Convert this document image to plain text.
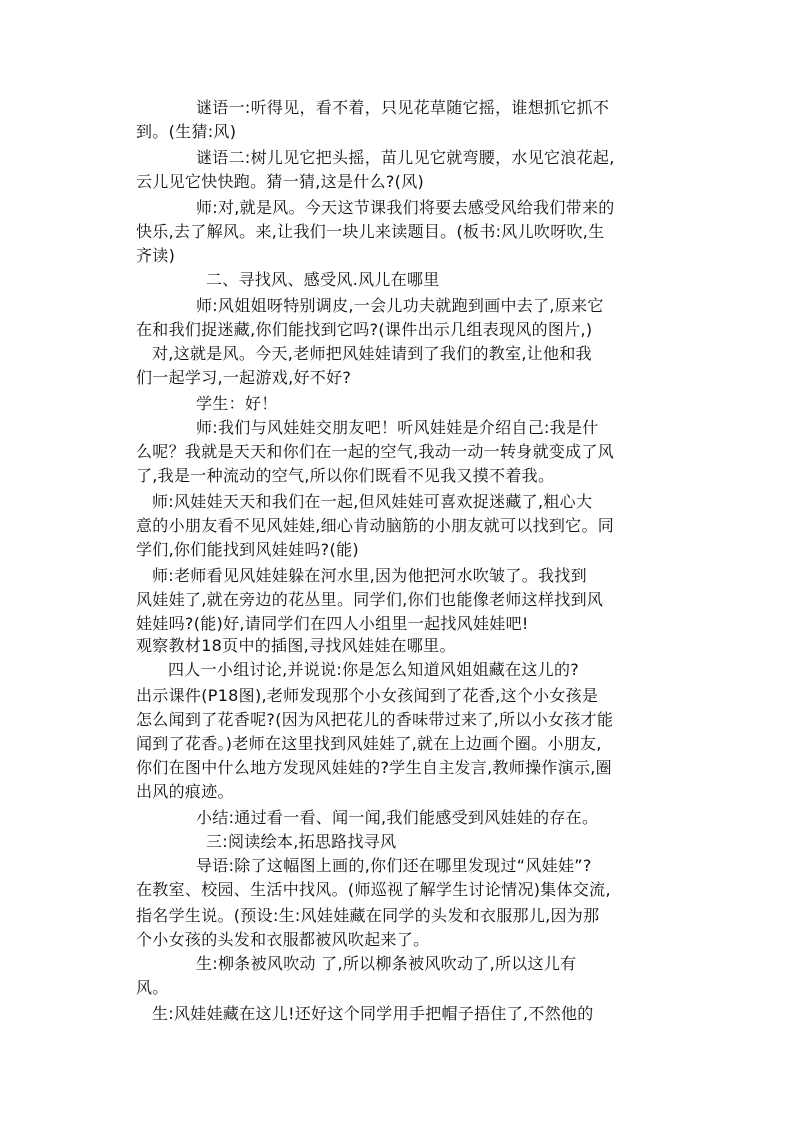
谜语一:听得见，看不着，只见花草随它摇，谁想抓它抓不
到。(生猜:风)
谜语二:树儿见它把头摇，苗儿见它就弯腰，水见它浪花起,
云儿见它快快跑。猜一猜,这是什么?(风)
师:对,就是风。今天这节课我们将要去感受风给我们带来的
快乐,去了解风。来,让我们一块儿来读题目。(板书:风儿吹呀吹,生
齐读)
二、寻找风、感受风.风儿在哪里
师:风姐姐呀特别调皮,一会儿功夫就跑到画中去了,原来它
在和我们捉迷藏,你们能找到它吗?(课件出示几组表现风的图片,)
对,这就是风。今天,老师把风娃娃请到了我们的教室,让他和我
们一起学习,一起游戏,好不好?
学生：好！
师:我们与风娃娃交朋友吧！听风娃娃是介绍自己:我是什
么呢？我就是天天和你们在一起的空气,我动一动一转身就变成了风
了,我是一种流动的空气,所以你们既看不见我又摸不着我。
师:风娃娃天天和我们在一起,但风娃娃可喜欢捉迷藏了,粗心大
意的小朋友看不见风娃娃,细心肯动脑筋的小朋友就可以找到它。同
学们,你们能找到风娃娃吗?(能)
师:老师看见风娃娃躲在河水里,因为他把河水吹皱了。我找到
风娃娃了,就在旁边的花丛里。同学们,你们也能像老师这样找到风
娃娃吗?(能)好,请同学们在四人小组里一起找风娃娃吧!
观察教材18页中的插图,寻找风娃娃在哪里。
四人一小组讨论,并说说:你是怎么知道风姐姐藏在这儿的?
出示课件(P18图),老师发现那个小女孩闻到了花香,这个小女孩是
怎么闻到了花香呢?(因为风把花儿的香味带过来了,所以小女孩才能
闻到了花香。)老师在这里找到风娃娃了,就在上边画个圈。小朋友,
你们在图中什么地方发现风娃娃的?学生自主发言,教师操作演示,圈
出风的痕迹。
小结:通过看一看、闻一闻,我们能感受到风娃娃的存在。
三:阅读绘本,拓思路找寻风
导语:除了这幅图上画的,你们还在哪里发现过“风娃娃”?
在教室、校园、生活中找风。(师巡视了解学生讨论情况)集体交流,
指名学生说。(预设:生:风娃娃藏在同学的头发和衣服那儿,因为那
个小女孩的头发和衣服都被风吹起来了。
生:柳条被风吹动 了,所以柳条被风吹动了,所以这儿有
风。
生:风娃娃藏在这儿!还好这个同学用手把帽子捂住了,不然他的
